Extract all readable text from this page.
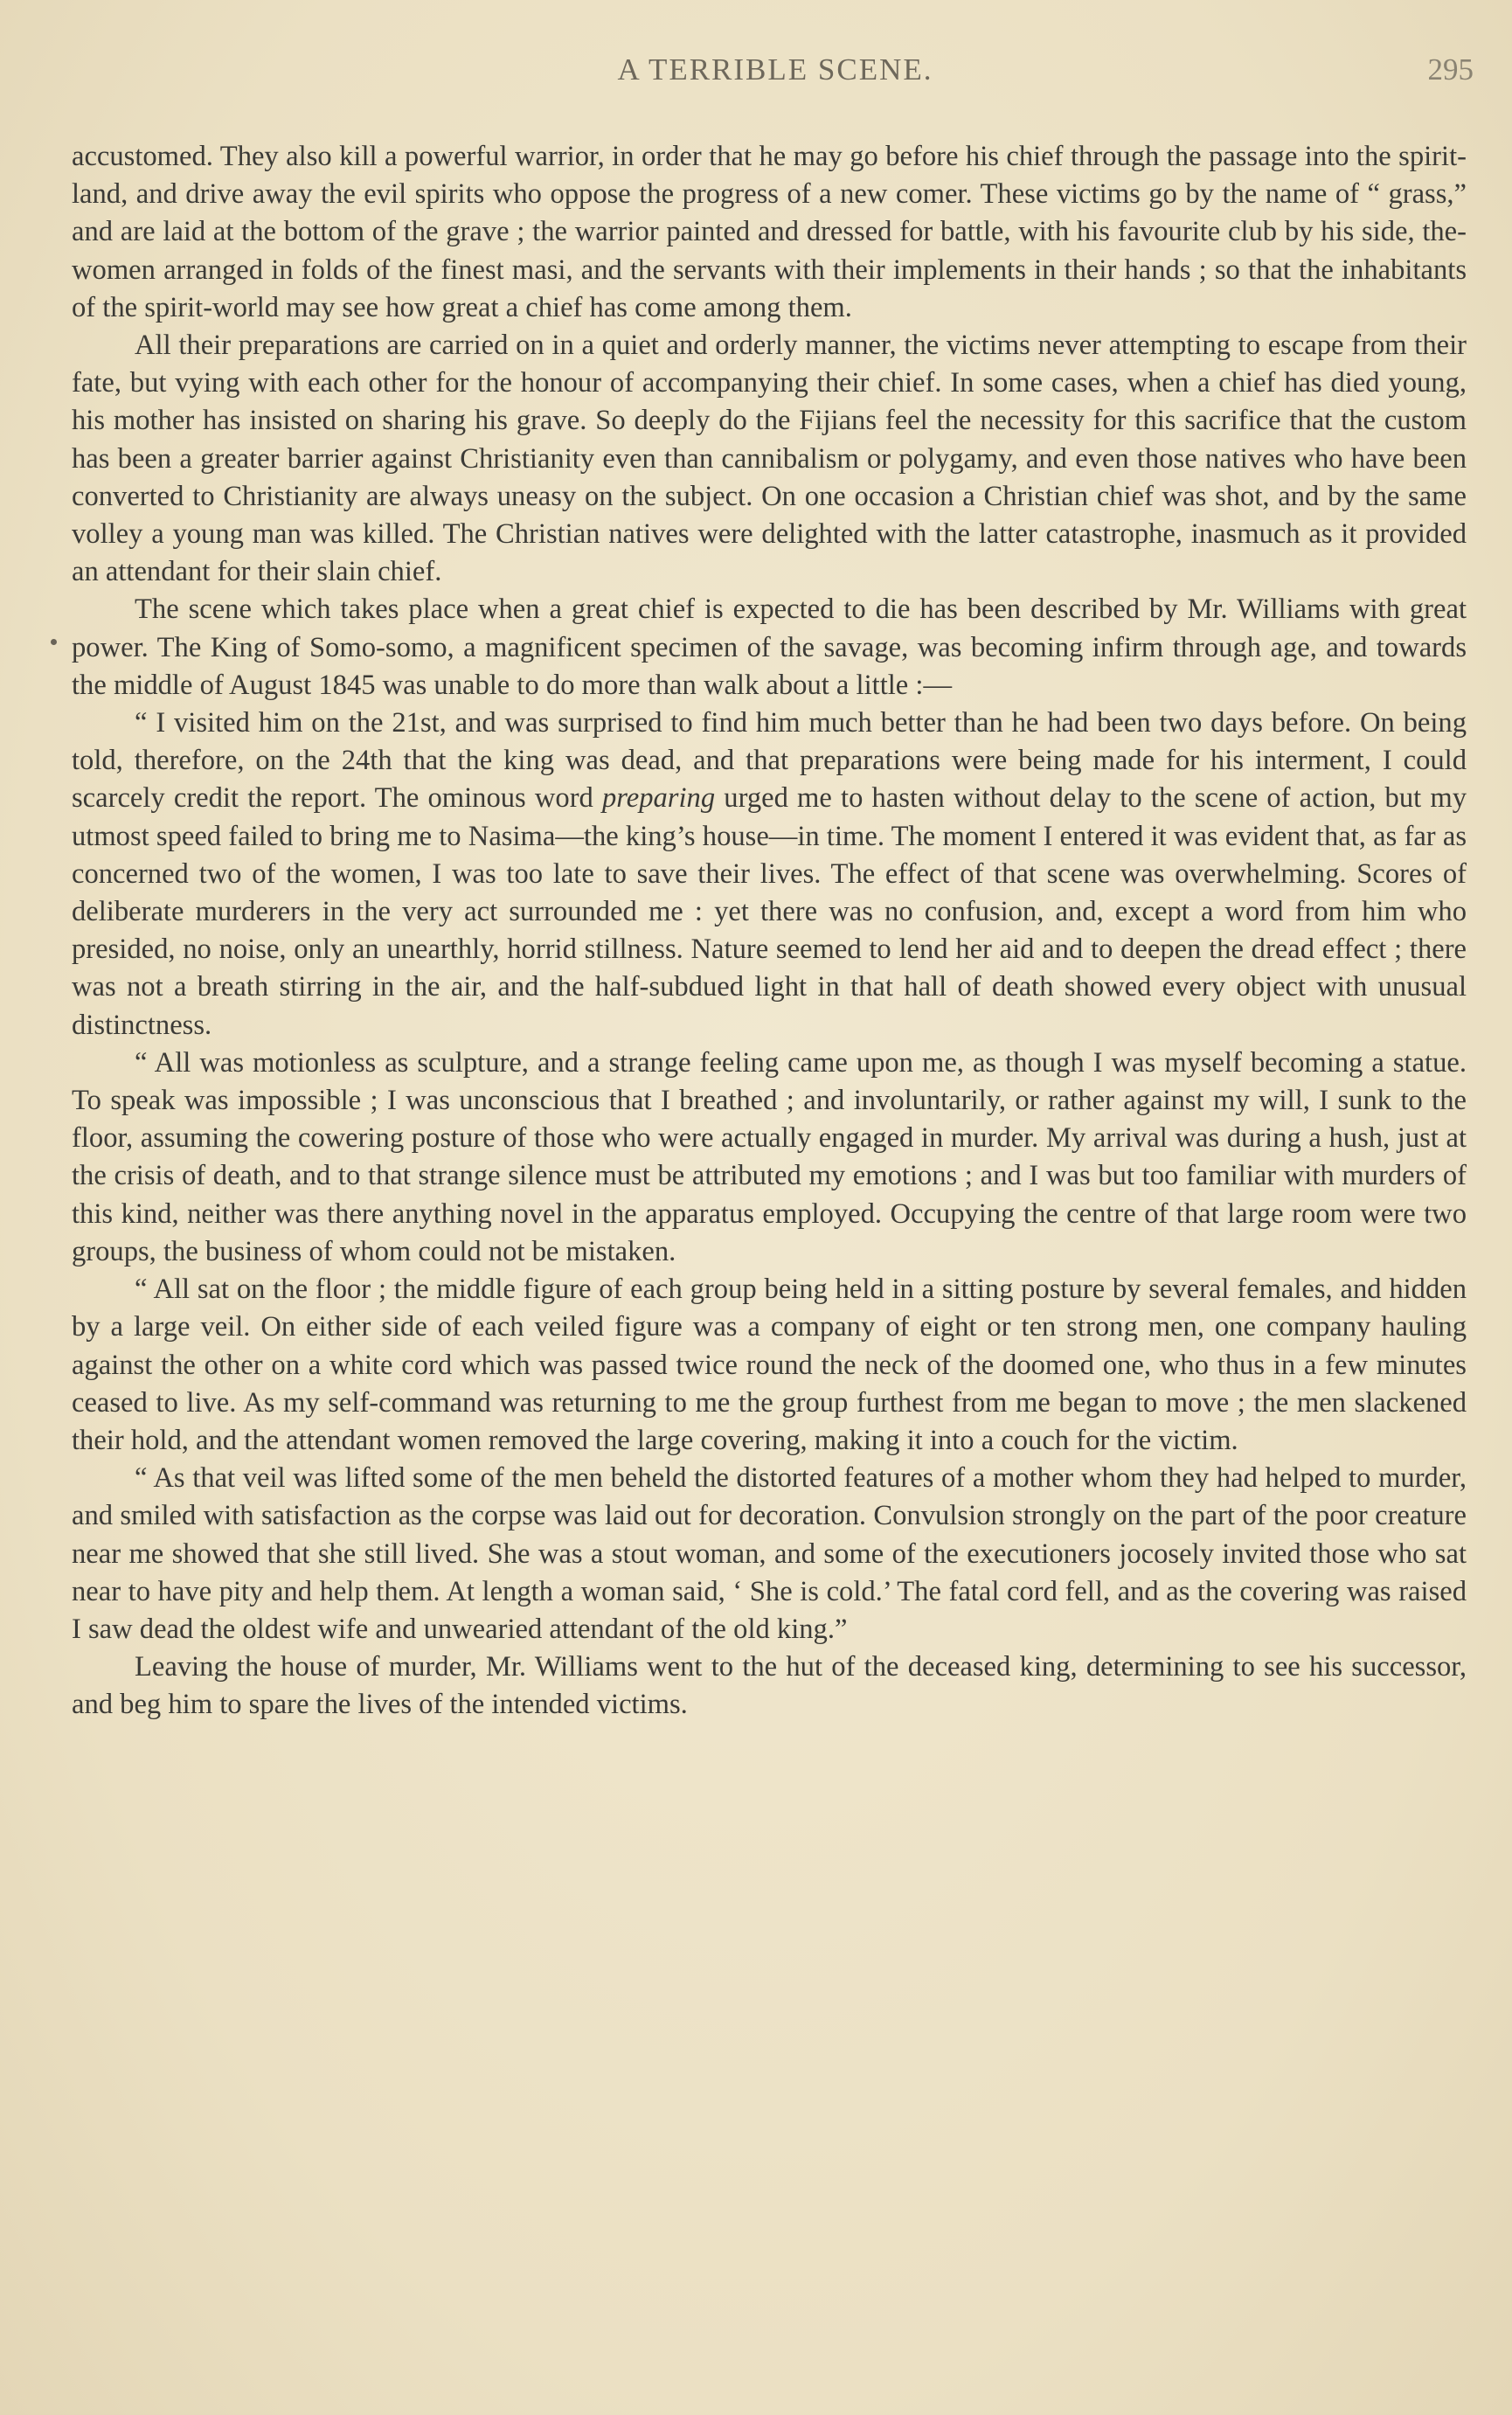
A TERRIBLE SCENE.	295

accustomed. They also kill a powerful warrior, in order that he may go before his chief through the passage into the spirit-land, and drive away the evil spirits who oppose the progress of a new comer. These victims go by the name of “ grass,” and are laid at the bottom of the grave ; the warrior painted and dressed for battle, with his favourite club by his side, the-women arranged in folds of the finest masi, and the servants with their implements in their hands ; so that the inhabitants of the spirit-world may see how great a chief has come among them.

All their preparations are carried on in a quiet and orderly manner, the victims never attempting to escape from their fate, but vying with each other for the honour of accompanying their chief. In some cases, when a chief has died young, his mother has insisted on sharing his grave. So deeply do the Fijians feel the necessity for this sacrifice that the custom has been a greater barrier against Christianity even than cannibalism or polygamy, and even those natives who have been converted to Christianity are always uneasy on the subject. On one occasion a Christian chief was shot, and by the same volley a young man was killed. The Christian natives were delighted with the latter catastrophe, inasmuch as it provided an attendant for their slain chief.

The scene which takes place when a great chief is expected to die has been described by Mr. Williams with great power. The King of Somo-somo, a magnificent specimen of the savage, was becoming infirm through age, and towards the middle of August 1845 was unable to do more than walk about a little :—

“ I visited him on the 21st, and was surprised to find him much better than he had been two days before. On being told, therefore, on the 24th that the king was dead, and that preparations were being made for his interment, I could scarcely credit the report. The ominous word preparing urged me to hasten without delay to the scene of action, but my utmost speed failed to bring me to Nasima—the king’s house—in time. The moment I entered it was evident that, as far as concerned two of the women, I was too late to save their lives. The effect of that scene was overwhelming. Scores of deliberate murderers in the very act surrounded me : yet there was no confusion, and, except a word from him who presided, no noise, only an unearthly, horrid stillness. Nature seemed to lend her aid and to deepen the dread effect ; there was not a breath stirring in the air, and the half-subdued light in that hall of death showed every object with unusual distinctness.

“ All was motionless as sculpture, and a strange feeling came upon me, as though I was myself becoming a statue. To speak was impossible ; I was unconscious that I breathed ; and involuntarily, or rather against my will, I sunk to the floor, assuming the cowering posture of those who were actually engaged in murder. My arrival was during a hush, just at the crisis of death, and to that strange silence must be attributed my emotions ; and I was but too familiar with murders of this kind, neither was there anything novel in the apparatus employed. Occupying the centre of that large room were two groups, the business of whom could not be mistaken.

“ All sat on the floor ; the middle figure of each group being held in a sitting posture by several females, and hidden by a large veil. On either side of each veiled figure was a company of eight or ten strong men, one company hauling against the other on a white cord which was passed twice round the neck of the doomed one, who thus in a few minutes ceased to live. As my self-command was returning to me the group furthest from me began to move ; the men slackened their hold, and the attendant women removed the large covering, making it into a couch for the victim.

“ As that veil was lifted some of the men beheld the distorted features of a mother whom they had helped to murder, and smiled with satisfaction as the corpse was laid out for decoration. Convulsion strongly on the part of the poor creature near me showed that she still lived. She was a stout woman, and some of the executioners jocosely invited those who sat near to have pity and help them. At length a woman said, ‘ She is cold.’ The fatal cord fell, and as the covering was raised I saw dead the oldest wife and unwearied attendant of the old king.”

Leaving the house of murder, Mr. Williams went to the hut of the deceased king, determining to see his successor, and beg him to spare the lives of the intended victims.
